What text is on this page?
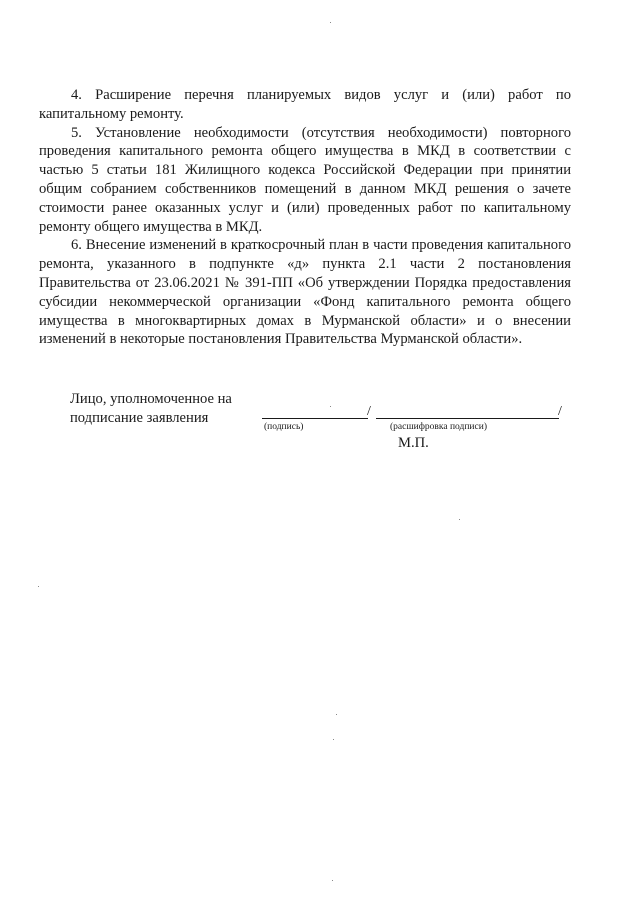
4. Расширение перечня планируемых видов услуг и (или) работ по капитальному ремонту.

5. Установление необходимости (отсутствия необходимости) повторного проведения капитального ремонта общего имущества в МКД в соответствии с частью 5 статьи 181 Жилищного кодекса Российской Федерации при принятии общим собранием собственников помещений в данном МКД решения о зачете стоимости ранее оказанных услуг и (или) проведенных работ по капитальному ремонту общего имущества в МКД.

6. Внесение изменений в краткосрочный план в части проведения капитального ремонта, указанного в подпункте «д» пункта 2.1 части 2 постановления Правительства от 23.06.2021 № 391-ПП «Об утверждении Порядка предоставления субсидии некоммерческой организации «Фонд капитального ремонта общего имущества в многоквартирных домах в Мурманской области» и о внесении изменений в некоторые постановления Правительства Мурманской области».

Лицо, уполномоченное на
подписание заявления	/	/
(подпись)	(расшифровка подписи)
М.П.
